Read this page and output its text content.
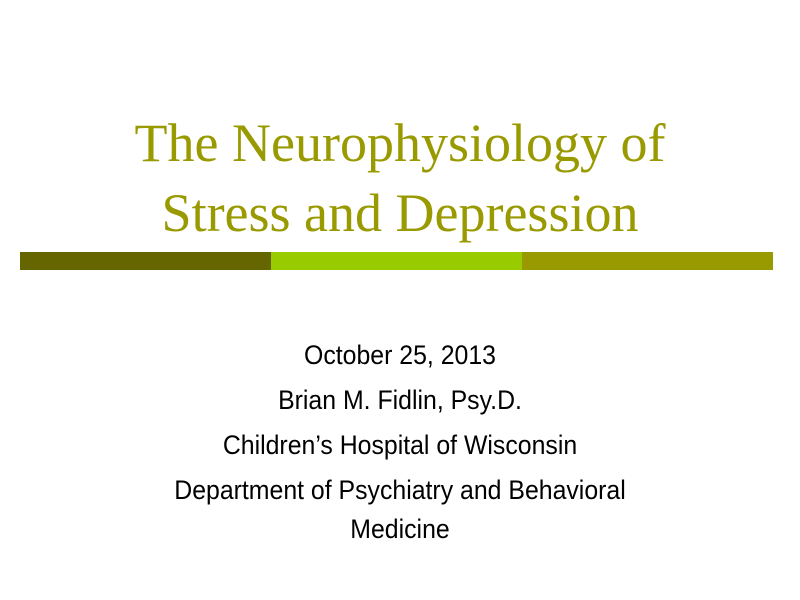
The Neurophysiology of
Stress and Depression
October 25, 2013
Brian M. Fidlin, Psy.D.
Children’s Hospital of Wisconsin
Department of Psychiatry and Behavioral
Medicine
